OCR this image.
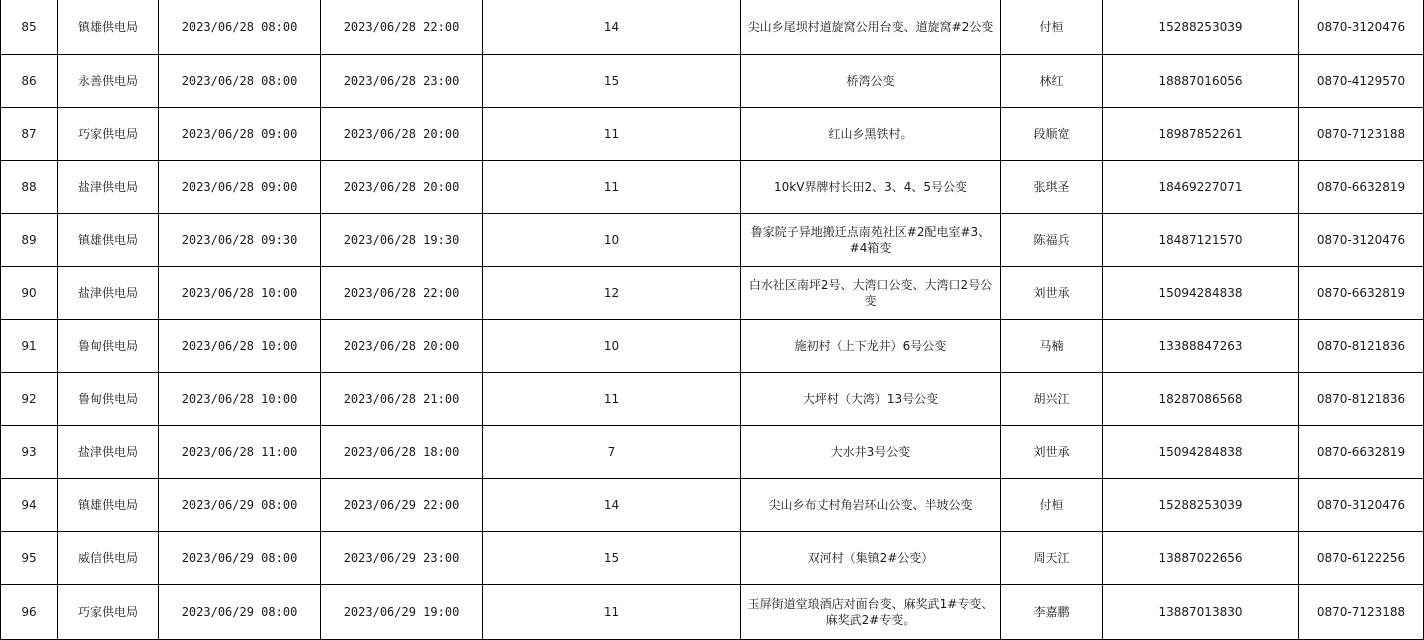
85	镇雄供电局	2023/06/28 08:00	2023/06/28 22:00	14	尖山乡尾坝村道旋窝公用台变、道旋窝#2公变	付桓	15288253039	0870-3120476
86	永善供电局	2023/06/28 08:00	2023/06/28 23:00	15	桥湾公变	林红	18887016056	0870-4129570
87	巧家供电局	2023/06/28 09:00	2023/06/28 20:00	11	红山乡黑铁村。	段顺宽	18987852261	0870-7123188
88	盐津供电局	2023/06/28 09:00	2023/06/28 20:00	11	10kV界牌村长田2、3、4、5号公变	张琪圣	18469227071	0870-6632819
89	镇雄供电局	2023/06/28 09:30	2023/06/28 19:30	10	鲁家院子异地搬迁点南苑社区#2配电室#3、#4箱变	陈福兵	18487121570	0870-3120476
90	盐津供电局	2023/06/28 10:00	2023/06/28 22:00	12	白水社区南坪2号、大湾口公变、大湾口2号公变	刘世承	15094284838	0870-6632819
91	鲁甸供电局	2023/06/28 10:00	2023/06/28 20:00	10	施初村（上下龙井）6号公变	马楠	13388847263	0870-8121836
92	鲁甸供电局	2023/06/28 10:00	2023/06/28 21:00	11	大坪村（大湾）13号公变	胡兴江	18287086568	0870-8121836
93	盐津供电局	2023/06/28 11:00	2023/06/28 18:00	7	大水井3号公变	刘世承	15094284838	0870-6632819
94	镇雄供电局	2023/06/29 08:00	2023/06/29 22:00	14	尖山乡布丈村角岩环山公变、半坡公变	付桓	15288253039	0870-3120476
95	威信供电局	2023/06/29 08:00	2023/06/29 23:00	15	双河村（集镇2#公变）	周天江	13887022656	0870-6122256
96	巧家供电局	2023/06/29 08:00	2023/06/29 19:00	11	玉屏街道堂琅酒店对面台变、麻奖武1#专变、麻奖武2#专变。	李嘉鹏	13887013830	0870-7123188
